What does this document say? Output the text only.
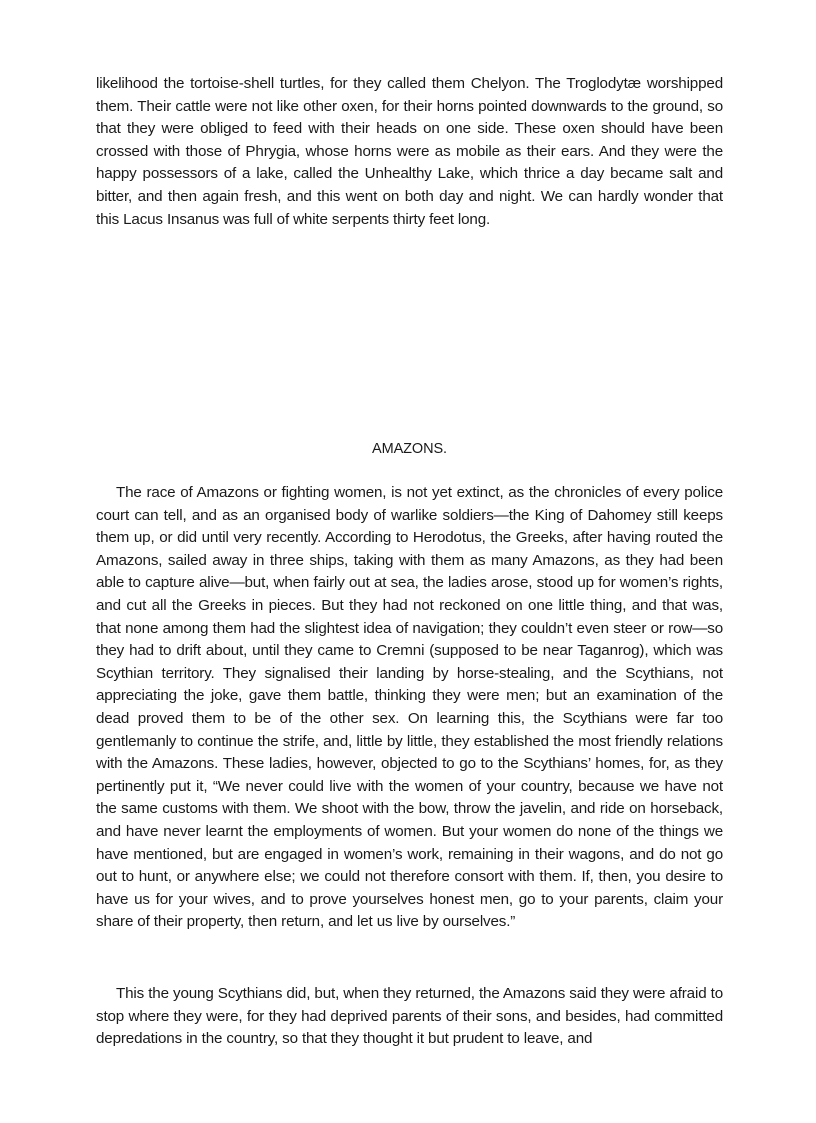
likelihood the tortoise-shell turtles, for they called them Chelyon. The Troglodytæ worshipped them. Their cattle were not like other oxen, for their horns pointed downwards to the ground, so that they were obliged to feed with their heads on one side. These oxen should have been crossed with those of Phrygia, whose horns were as mobile as their ears. And they were the happy possessors of a lake, called the Unhealthy Lake, which thrice a day became salt and bitter, and then again fresh, and this went on both day and night. We can hardly wonder that this Lacus Insanus was full of white serpents thirty feet long.

AMAZONS.

The race of Amazons or fighting women, is not yet extinct, as the chronicles of every police court can tell, and as an organised body of warlike soldiers—the King of Dahomey still keeps them up, or did until very recently. According to Herodotus, the Greeks, after having routed the Amazons, sailed away in three ships, taking with them as many Amazons, as they had been able to capture alive—but, when fairly out at sea, the ladies arose, stood up for women’s rights, and cut all the Greeks in pieces. But they had not reckoned on one little thing, and that was, that none among them had the slightest idea of navigation; they couldn’t even steer or row—so they had to drift about, until they came to Cremni (supposed to be near Taganrog), which was Scythian territory. They signalised their landing by horse-stealing, and the Scythians, not appreciating the joke, gave them battle, thinking they were men; but an examination of the dead proved them to be of the other sex. On learning this, the Scythians were far too gentlemanly to continue the strife, and, little by little, they established the most friendly relations with the Amazons. These ladies, however, objected to go to the Scythians’ homes, for, as they pertinently put it, “We never could live with the women of your country, because we have not the same customs with them. We shoot with the bow, throw the javelin, and ride on horseback, and have never learnt the employments of women. But your women do none of the things we have mentioned, but are engaged in women’s work, remaining in their wagons, and do not go out to hunt, or anywhere else; we could not therefore consort with them. If, then, you desire to have us for your wives, and to prove yourselves honest men, go to your parents, claim your share of their property, then return, and let us live by ourselves.”

This the young Scythians did, but, when they returned, the Amazons said they were afraid to stop where they were, for they had deprived parents of their sons, and besides, had committed depredations in the country, so that they thought it but prudent to leave, and
